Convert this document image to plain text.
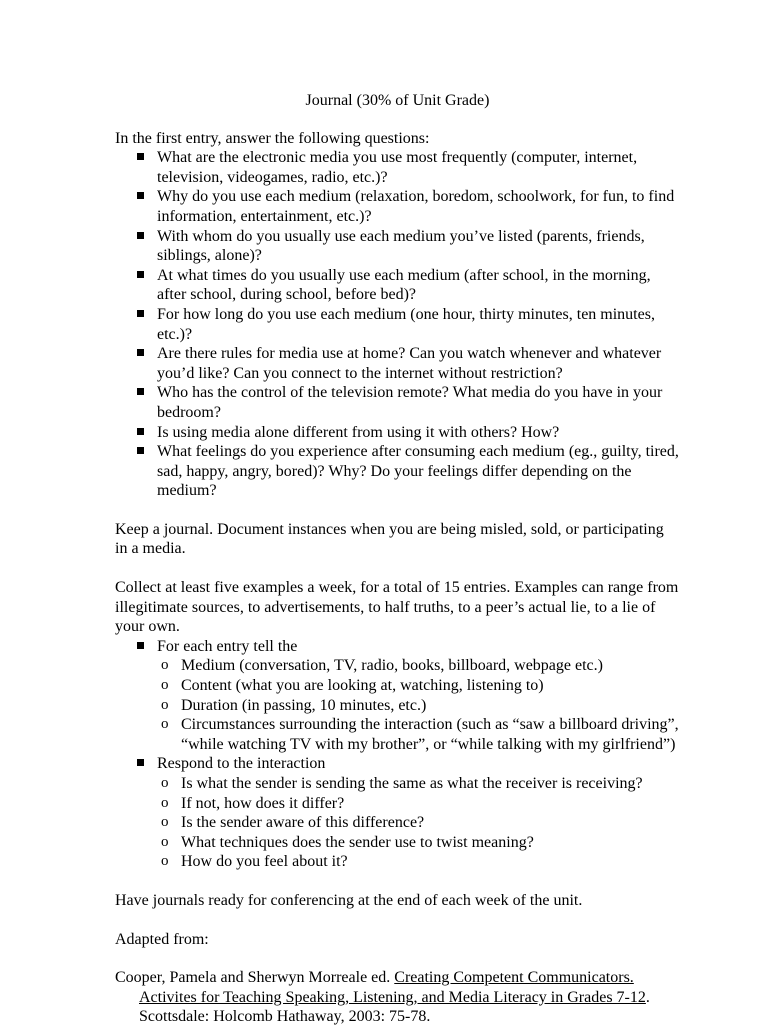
Journal (30% of Unit Grade)

In the first entry, answer the following questions:

What are the electronic media you use most frequently (computer, internet, television, videogames, radio, etc.)?
Why do you use each medium (relaxation, boredom, schoolwork, for fun, to find information, entertainment, etc.)?
With whom do you usually use each medium you’ve listed (parents, friends, siblings, alone)?
At what times do you usually use each medium (after school, in the morning, after school, during school, before bed)?
For how long do you use each medium (one hour, thirty minutes, ten minutes, etc.)?
Are there rules for media use at home? Can you watch whenever and whatever you’d like? Can you connect to the internet without restriction?
Who has the control of the television remote? What media do you have in your bedroom?
Is using media alone different from using it with others? How?
What feelings do you experience after consuming each medium (eg., guilty, tired, sad, happy, angry, bored)? Why? Do your feelings differ depending on the medium?

Keep a journal. Document instances when you are being misled, sold, or participating in a media.

Collect at least five examples a week, for a total of 15 entries. Examples can range from illegitimate sources, to advertisements, to half truths, to a peer’s actual lie, to a lie of your own.

For each entry tell the
o Medium (conversation, TV, radio, books, billboard, webpage etc.)
o Content (what you are looking at, watching, listening to)
o Duration (in passing, 10 minutes, etc.)
o Circumstances surrounding the interaction (such as “saw a billboard driving”, “while watching TV with my brother”, or “while talking with my girlfriend”)
Respond to the interaction
o Is what the sender is sending the same as what the receiver is receiving?
o If not, how does it differ?
o Is the sender aware of this difference?
o What techniques does the sender use to twist meaning?
o How do you feel about it?

Have journals ready for conferencing at the end of each week of the unit.

Adapted from:

Cooper, Pamela and Sherwyn Morreale ed. Creating Competent Communicators. Activites for Teaching Speaking, Listening, and Media Literacy in Grades 7-12. Scottsdale: Holcomb Hathaway, 2003: 75-78.
